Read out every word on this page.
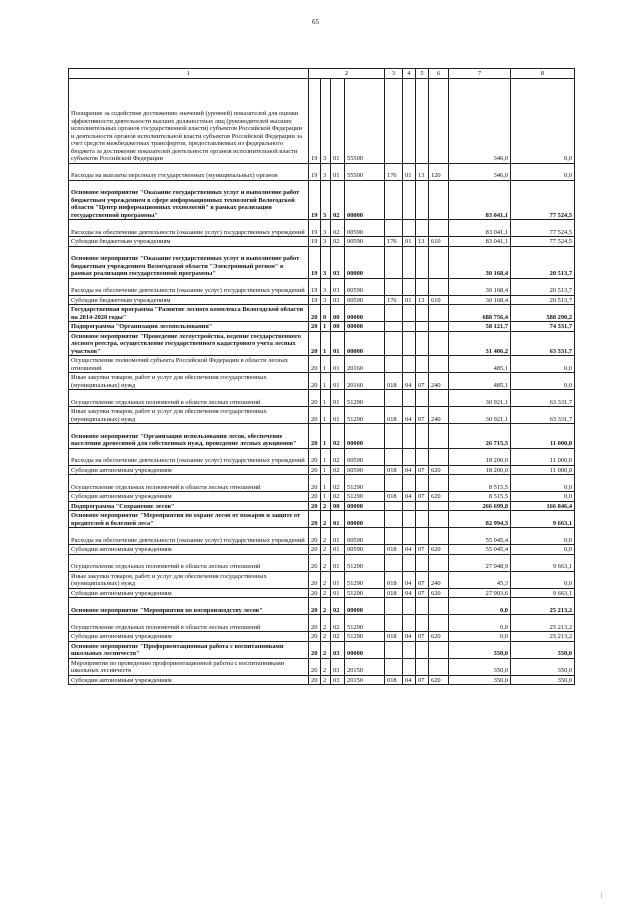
65
1	2				3	4	5	6	7	8
Поощрение за содействие достижению значений (уровней) показателей для оценки эффективности деятельности высших должностных лиц (руководителей высших исполнительных органов государственной власти) субъектов Российской Федерации и деятельности органов исполнительной власти субъектов Российской Федерации за счет средств межбюджетных трансфертов, предоставляемых из федерального бюджета за достижение показателей деятельности органов исполнительной власти субъектов Российской Федерации	19	3	01	55500					346,0	0,0
Расходы на выплаты персоналу государственных (муниципальных) органов	19	3	01	55500	176	01	13	120	346,0	0,0
Основное мероприятие "Оказание государственных услуг и выполнение работ бюджетным учреждением в сфере информационных технологий Вологодской области "Центр информационных технологий" в рамках реализации государственной программы"	19	3	02	00000					83 041,1	77 524,5
Расходы на обеспечение деятельности (оказание услуг) государственных учреждений	19	3	02	00590					83 041,1	77 524,5
Субсидии бюджетным учреждениям	19	3	02	00590	176	01	13	610	83 041,1	77 524,5
Основное мероприятие "Оказание государственных услуг и выполнение работ бюджетным учреждением Вологодской области "Электронный регион" в рамках реализации государственной программы"	19	3	03	00000					30 168,4	20 513,7
Расходы на обеспечение деятельности (оказание услуг) государственных учреждений	19	3	03	00590					30 168,4	20 513,7
Субсидии бюджетным учреждениям	19	3	03	00590	176	01	13	610	30 168,4	20 513,7
Государственная программа "Развитие лесного комплекса Вологодской области на 2014-2020 годы"	20	0	00	00000					688 756,4	588 290,2
Подпрограмма "Организация лесопользования"	20	1	00	00000					58 121,7	74 331,7
Основное мероприятие "Проведение лесоустройства, ведение государственного лесного реестра, осуществление государственного кадастрового учета лесных участков"	20	1	01	00000					31 406,2	63 331,7
Осуществление полномочий субъекта Российской Федерации в области лесных отношений	20	1	01	20160					485,1	0,0
Иные закупки товаров, работ и услуг для обеспечения государственных (муниципальных) нужд	20	1	01	20160	018	04	07	240	485,1	0,0
Осуществление отдельных полномочий в области лесных отношений	20	1	01	51290					30 921,1	63 331,7
Иные закупки товаров, работ и услуг для обеспечения государственных (муниципальных) нужд	20	1	01	51290	018	04	07	240	30 921,1	63 331,7
Основное мероприятие "Организация использования лесов, обеспечение населения древесиной для собственных нужд, проведение лесных аукционов"	20	1	02	00000					26 715,5	11 000,0
Расходы на обеспечение деятельности (оказание услуг) государственных учреждений	20	1	02	00590					18 200,0	11 000,0
Субсидии автономным учреждениям	20	1	02	00590	018	04	07	620	18 200,0	11 000,0
Осуществление отдельных полномочий в области лесных отношений	20	1	02	51290					8 515,5	0,0
Субсидии автономным учреждениям	20	1	02	51290	018	04	07	620	8 515,5	0,0
Подпрограмма "Сохранение лесов"	20	2	00	00000					266 699,8	166 846,4
Основное мероприятие "Мероприятия по охране лесов от пожаров и защите от вредителей и болезней леса"	20	2	01	00000					82 994,3	9 663,1
Расходы на обеспечение деятельности (оказание услуг) государственных учреждений	20	2	01	00590					55 045,4	0,0
Субсидии автономным учреждениям	20	2	01	00590	018	04	07	620	55 045,4	0,0
Осуществление отдельных полномочий в области лесных отношений	20	2	01	51290					27 948,9	9 663,1
Иные закупки товаров, работ и услуг для обеспечения государственных (муниципальных) нужд	20	2	01	51290	018	04	07	240	45,3	0,0
Субсидии автономным учреждениям	20	2	01	51290	018	04	07	620	27 903,6	9 663,1
Основное мероприятие "Мероприятия по воспроизводству лесов"	20	2	02	00000					0,0	25 213,2
Осуществление отдельных полномочий в области лесных отношений	20	2	02	51290					0,0	25 213,2
Субсидии автономным учреждениям	20	2	02	51290	018	04	07	620	0,0	25 213,2
Основное мероприятие "Профориентационная работа с воспитанниками школьных лесничеств"	20	2	03	00000					350,0	350,0
Мероприятия по проведению профориентационной работы с воспитанниками школьных лесничеств	20	2	03	20150					350,0	350,0
Субсидии автономным учреждениям	20	2	03	20150	018	04	07	620	350,0	350,0
|
